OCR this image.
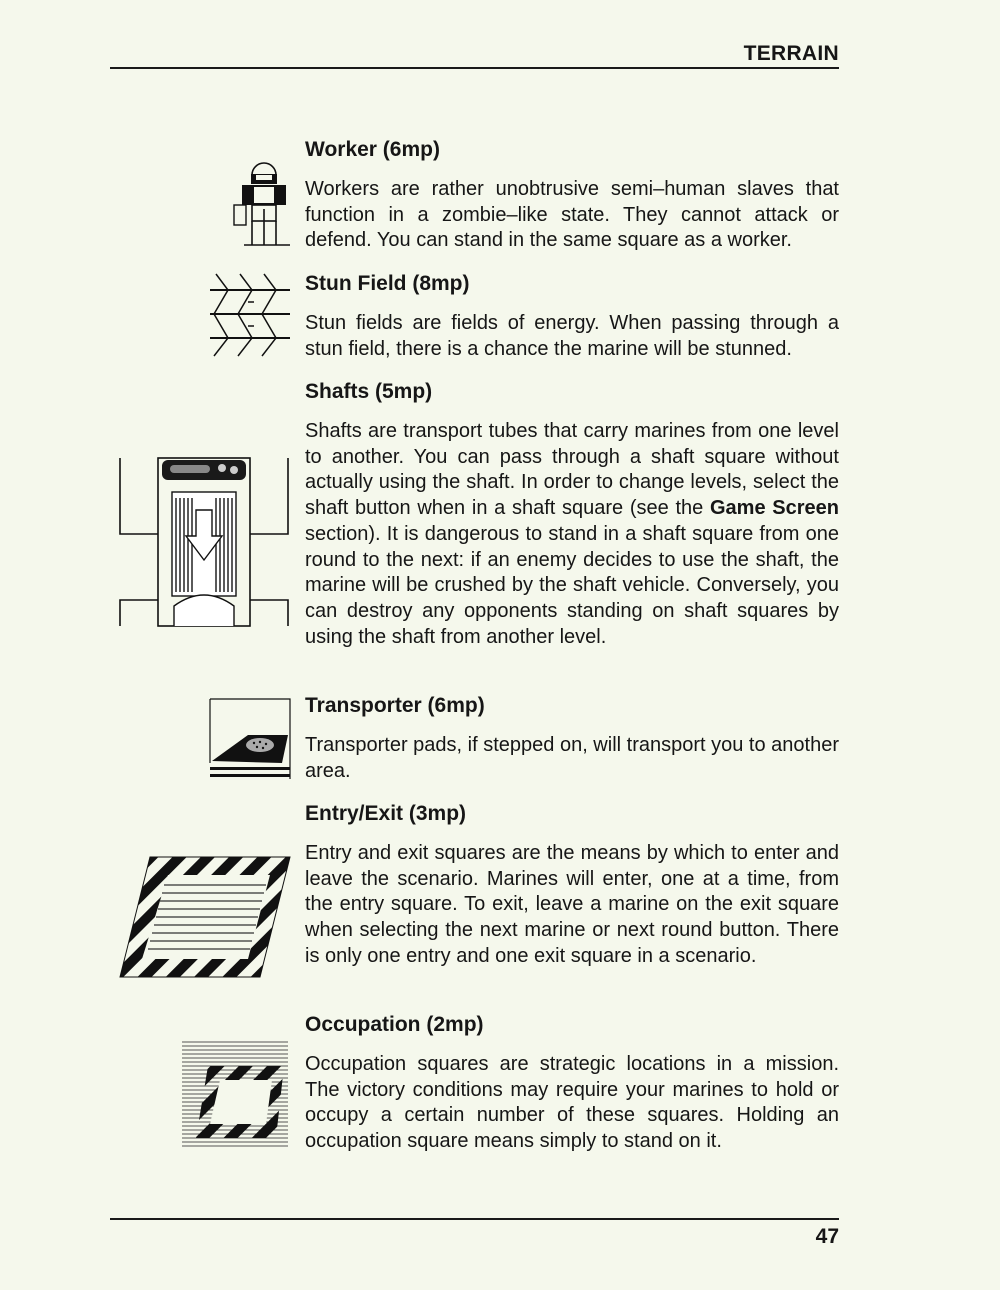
TERRAIN
Worker (6mp)

Workers are rather unobtrusive semi–human slaves that function in a zombie–like state. They cannot attack or defend. You can stand in the same square as a worker.

Stun Field (8mp)

Stun fields are fields of energy. When passing through a stun field, there is a chance the marine will be stunned.

Shafts (5mp)

Shafts are transport tubes that carry marines from one level to another. You can pass through a shaft square without actually using the shaft. In order to change levels, select the shaft button when in a shaft square (see the Game Screen section). It is dangerous to stand in a shaft square from one round to the next: if an enemy decides to use the shaft, the marine will be crushed by the shaft vehicle. Conversely, you can destroy any opponents standing on shaft squares by using the shaft from another level.

Transporter (6mp)

Transporter pads, if stepped on, will transport you to another area.

Entry/Exit (3mp)

Entry and exit squares are the means by which to enter and leave the scenario. Marines will enter, one at a time, from the entry square. To exit, leave a marine on the exit square when selecting the next marine or next round button. There is only one entry and one exit square in a scenario.

Occupation (2mp)

Occupation squares are strategic locations in a mission. The victory conditions may require your marines to hold or occupy a certain number of these squares. Holding an occupation square means simply to stand on it.

47
